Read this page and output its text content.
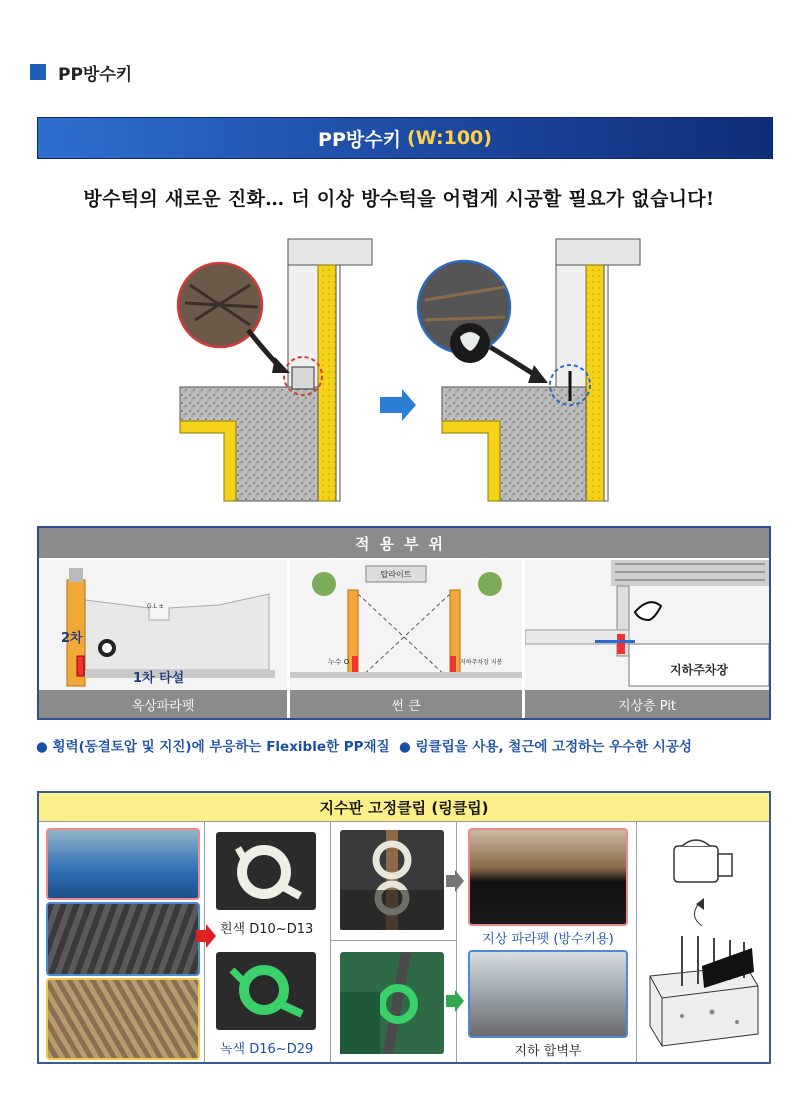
PP방수키
PP방수키 (W:100)
방수턱의 새로운 진화… 더 이상 방수턱을 어렵게 시공할 필요가 없습니다!
적용부위
G.L ±
2차
1차 타설
옥상파라펫
탑라이트
누수 O	지하주차장 지붕
썬 큰
지하주차장
지상층 Pit
● 횡력(동결토압 및 지진)에 부응하는 Flexible한 PP재질 ● 링클립을 사용, 철근에 고정하는 우수한 시공성
지수판 고정클립 (링클립)
흰색 D10~D13
녹색 D16~D29
지상 파라펫 (방수키용)
지하 합벽부
